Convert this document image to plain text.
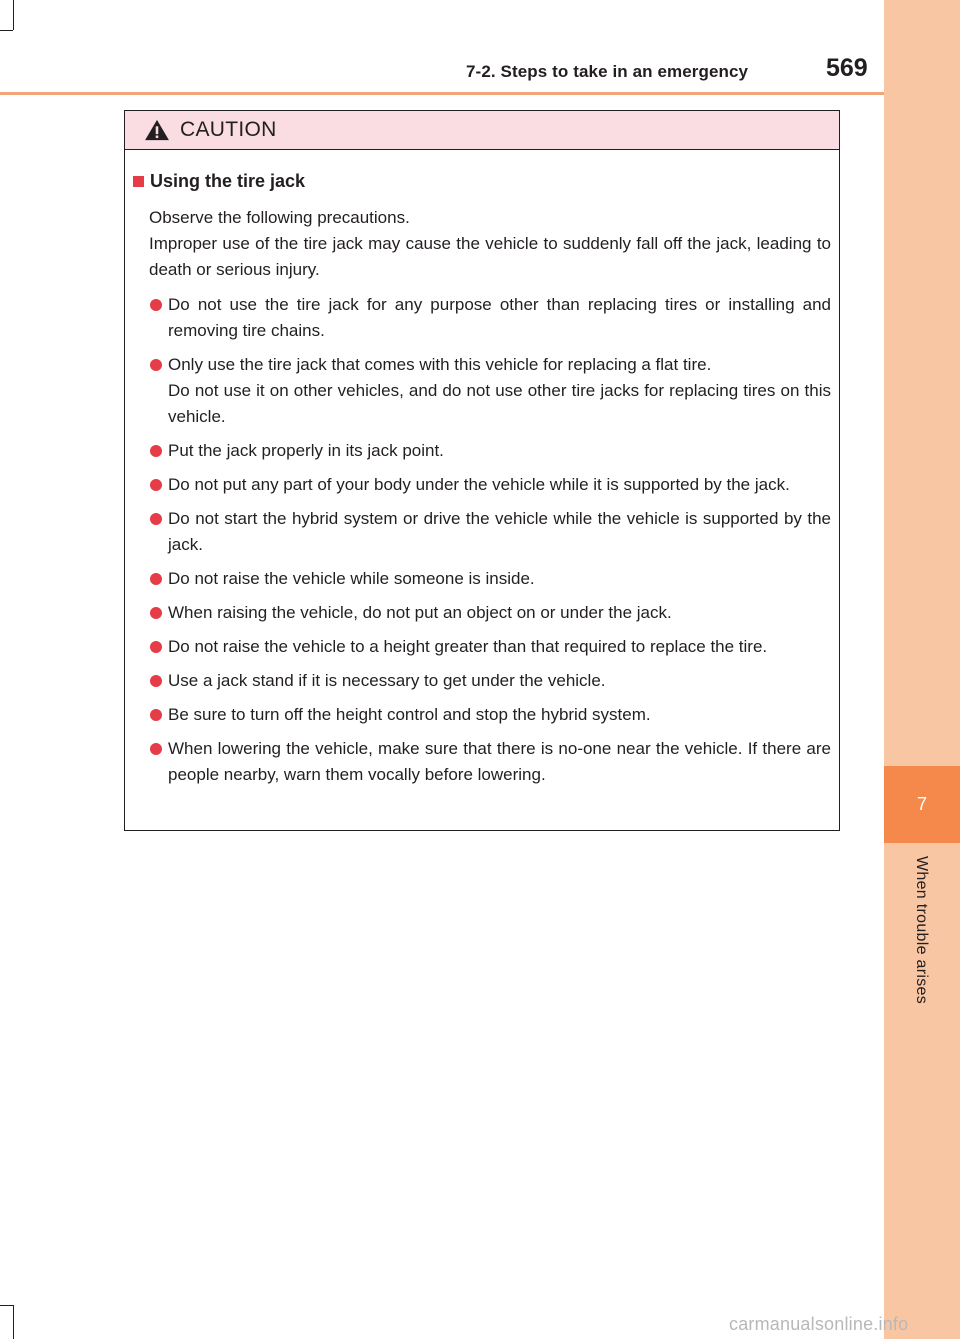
7
When trouble arises
7-2. Steps to take in an emergency	569
CAUTION
Using the tire jack

Observe the following precautions.

Improper use of the tire jack may cause the vehicle to suddenly fall off the jack, leading to death or serious injury.

Do not use the tire jack for any purpose other than replacing tires or installing and removing tire chains.

Only use the tire jack that comes with this vehicle for replacing a flat tire.

Do not use it on other vehicles, and do not use other tire jacks for replacing tires on this vehicle.

Put the jack properly in its jack point.

Do not put any part of your body under the vehicle while it is supported by the jack.

Do not start the hybrid system or drive the vehicle while the vehicle is supported by the jack.

Do not raise the vehicle while someone is inside.

When raising the vehicle, do not put an object on or under the jack.

Do not raise the vehicle to a height greater than that required to replace the tire.

Use a jack stand if it is necessary to get under the vehicle.

Be sure to turn off the height control and stop the hybrid system.

When lowering the vehicle, make sure that there is no-one near the vehicle. If there are people nearby, warn them vocally before lowering.

carmanualsonline.info
